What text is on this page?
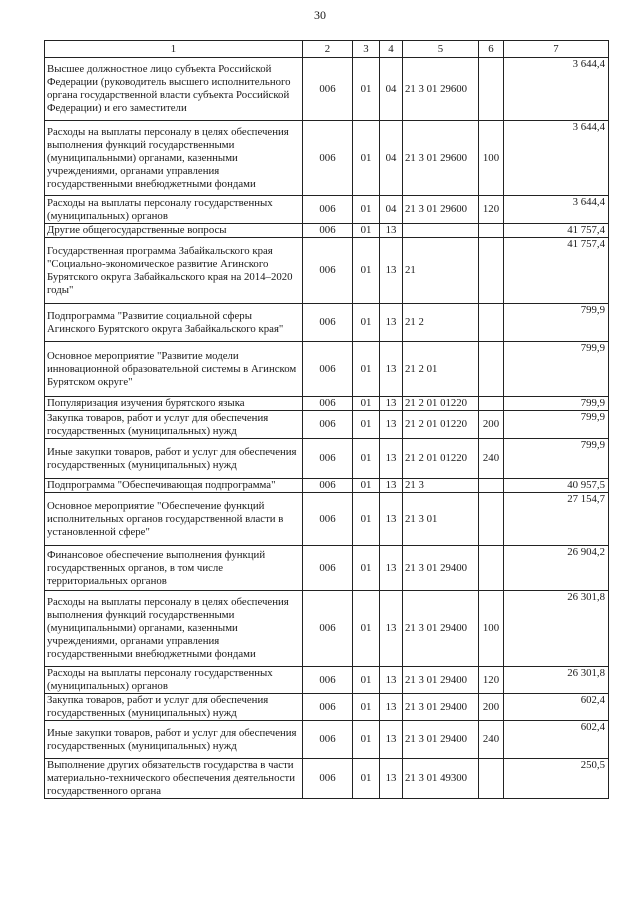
30
1	2	3	4	5	6	7
Высшее должностное лицо субъекта Российской Федерации (руководитель высшего исполнительного органа государственной власти субъекта Российской Федерации) и его заместители	006	01	04	21 3 01 29600		3 644,4
Расходы на выплаты персоналу в целях обеспечения выполнения функций государственными (муниципальными) органами, казенными учреждениями, органами управления государственными внебюджетными фондами	006	01	04	21 3 01 29600	100	3 644,4
Расходы на выплаты персоналу государственных (муниципальных) органов	006	01	04	21 3 01 29600	120	3 644,4
Другие общегосударственные вопросы	006	01	13			41 757,4
Государственная программа Забайкальского края "Социально-экономическое развитие Агинского Бурятского округа Забайкальского края на 2014–2020 годы"	006	01	13	21		41 757,4
Подпрограмма "Развитие социальной сферы Агинского Бурятского округа Забайкальского края"	006	01	13	21 2		799,9
Основное мероприятие "Развитие модели инновационной образовательной системы в Агинском Бурятском округе"	006	01	13	21 2 01		799,9
Популяризация изучения бурятского языка	006	01	13	21 2 01 01220		799,9
Закупка товаров, работ и услуг для обеспечения государственных (муниципальных) нужд	006	01	13	21 2 01 01220	200	799,9
Иные закупки товаров, работ и услуг для обеспечения государственных (муниципальных) нужд	006	01	13	21 2 01 01220	240	799,9
Подпрограмма "Обеспечивающая подпрограмма"	006	01	13	21 3		40 957,5
Основное мероприятие "Обеспечение функций исполнительных органов государственной власти в установленной сфере"	006	01	13	21 3 01		27 154,7
Финансовое обеспечение выполнения функций государственных органов, в том числе территориальных органов	006	01	13	21 3 01 29400		26 904,2
Расходы на выплаты персоналу в целях обеспечения выполнения функций государственными (муниципальными) органами, казенными учреждениями, органами управления государственными внебюджетными фондами	006	01	13	21 3 01 29400	100	26 301,8
Расходы на выплаты персоналу государственных (муниципальных) органов	006	01	13	21 3 01 29400	120	26 301,8
Закупка товаров, работ и услуг для обеспечения государственных (муниципальных) нужд	006	01	13	21 3 01 29400	200	602,4
Иные закупки товаров, работ и услуг для обеспечения государственных (муниципальных) нужд	006	01	13	21 3 01 29400	240	602,4
Выполнение других обязательств государства в части материально-технического обеспечения деятельности государственного органа	006	01	13	21 3 01 49300		250,5
